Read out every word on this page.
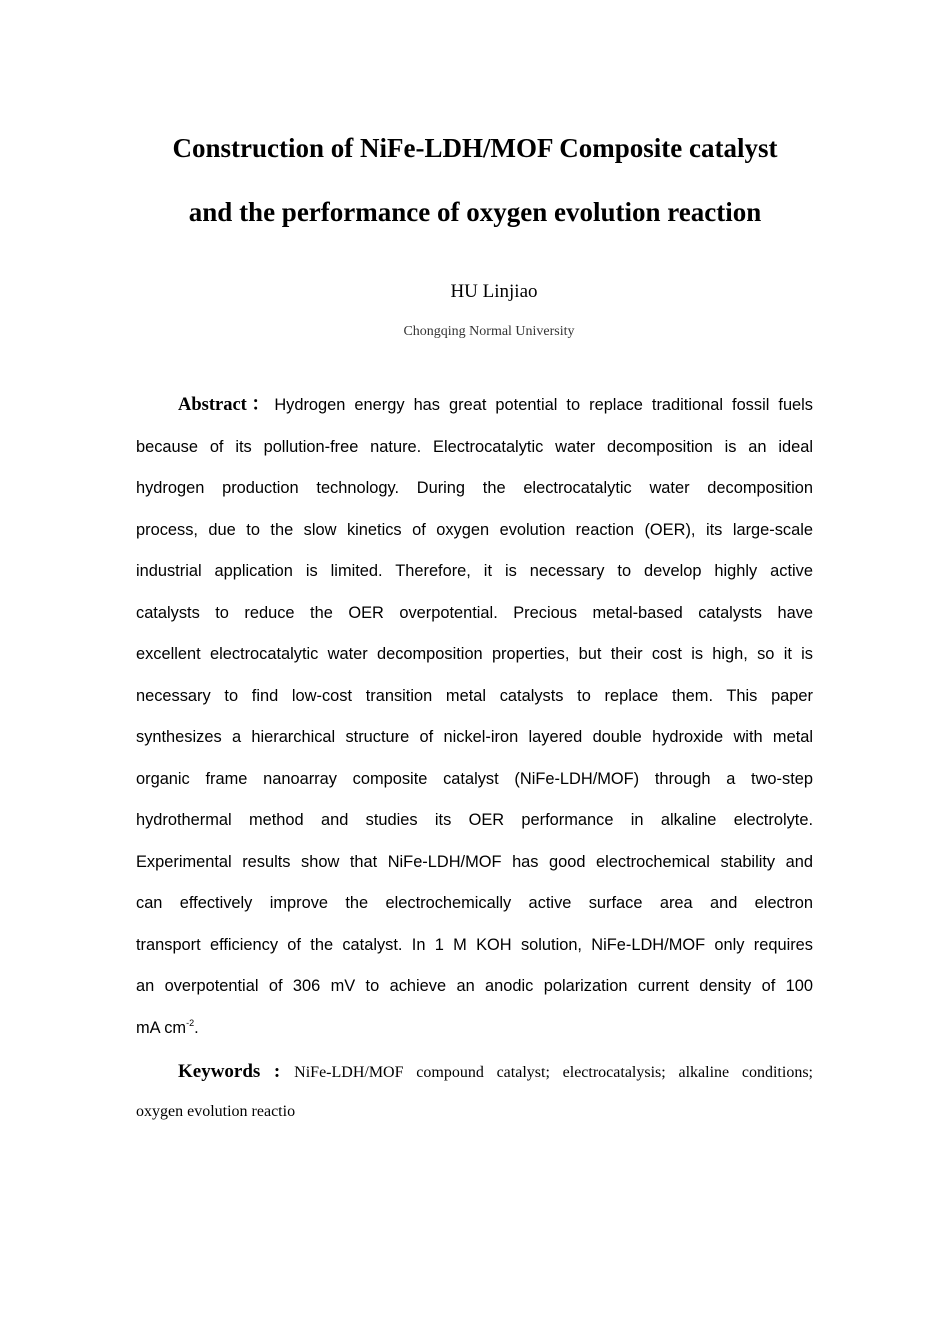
Construction of NiFe-LDH/MOF Composite catalyst
and the performance of oxygen evolution reaction
HU Linjiao
Chongqing Normal University
Abstract：Hydrogen energy has great potential to replace traditional fossil fuels
because of its pollution-free nature. Electrocatalytic water decomposition is an ideal
hydrogen production technology. During the electrocatalytic water decomposition
process, due to the slow kinetics of oxygen evolution reaction (OER), its large-scale
industrial application is limited. Therefore, it is necessary to develop highly active
catalysts to reduce the OER overpotential. Precious metal-based catalysts have
excellent electrocatalytic water decomposition properties, but their cost is high, so it is
necessary to find low-cost transition metal catalysts to replace them. This paper
synthesizes a hierarchical structure of nickel-iron layered double hydroxide with metal
organic frame nanoarray composite catalyst (NiFe-LDH/MOF) through a two-step
hydrothermal method and studies its OER performance in alkaline electrolyte.
Experimental results show that NiFe-LDH/MOF has good electrochemical stability and
can effectively improve the electrochemically active surface area and electron
transport efficiency of the catalyst. In 1 M KOH solution, NiFe-LDH/MOF only requires
an overpotential of 306 mV to achieve an anodic polarization current density of 100
mA $cm^{-2}$.
Keywords : NiFe-LDH/MOF compound catalyst; electrocatalysis; alkaline conditions;
oxygen evolution reactio
